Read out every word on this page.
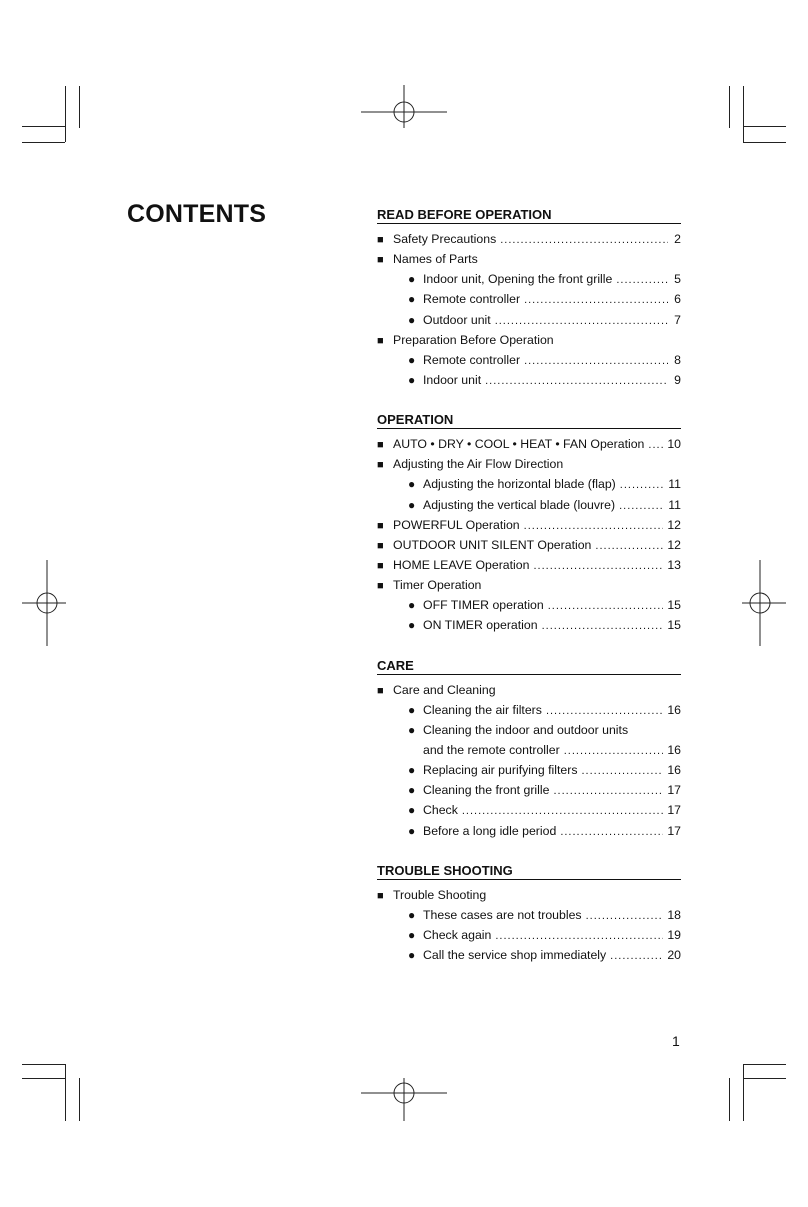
CONTENTS	READ BEFORE OPERATION
■ Safety Precautions .....	2
■ Names of Parts
● Indoor unit, Opening the front grille .....	5
● Remote controller .....	6
● Outdoor unit .....	7
■ Preparation Before Operation
● Remote controller .....	8
● Indoor unit .....	9
OPERATION
■ AUTO • DRY • COOL • HEAT • FAN Operation ..... 10
■ Adjusting the Air Flow Direction
● Adjusting the horizontal blade (flap) .....	11
● Adjusting the vertical blade (louvre) .....	11
■ POWERFUL Operation .....	12
■ OUTDOOR UNIT SILENT Operation .....	12
■ HOME LEAVE Operation .....	13
■ Timer Operation
● OFF TIMER operation .....	15
● ON TIMER operation .....	15
CARE
■ Care and Cleaning
● Cleaning the air filters .....	16
● Cleaning the indoor and outdoor units
and the remote controller .....	16
● Replacing air purifying filters .....	16
● Cleaning the front grille .....	17
● Check .....	17
● Before a long idle period .....	17
TROUBLE SHOOTING
■ Trouble Shooting
● These cases are not troubles .....	18
● Check again .....	19
● Call the service shop immediately .....	20
1
